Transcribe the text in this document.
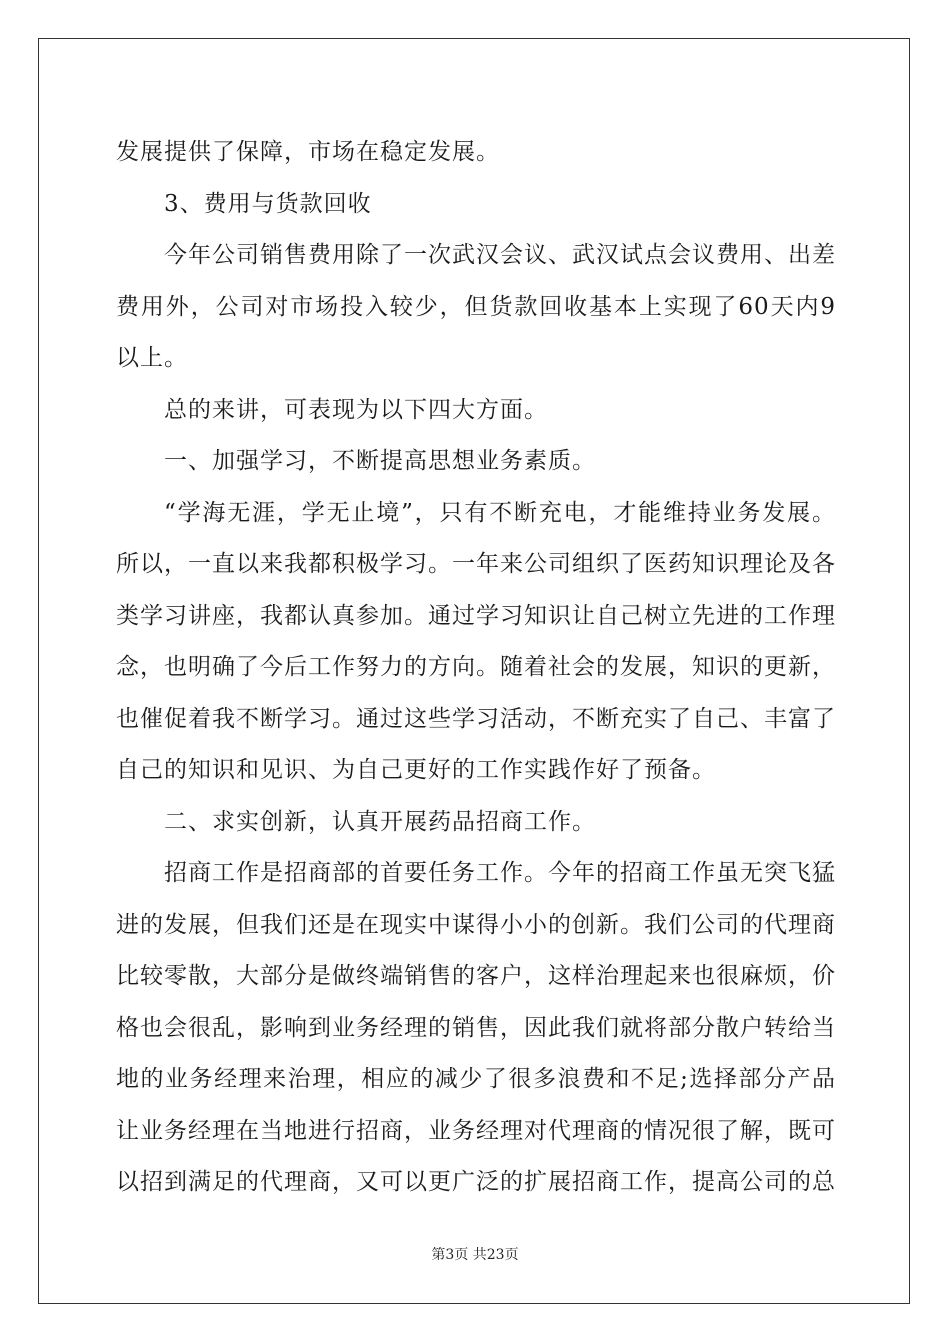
发展提供了保障，市场在稳定发展。
3、费用与货款回收
今年公司销售费用除了一次武汉会议、武汉试点会议费用、出差
费用外，公司对市场投入较少，但货款回收基本上实现了60天内9
以上。
总的来讲，可表现为以下四大方面。
一、加强学习，不断提高思想业务素质。
“学海无涯，学无止境”，只有不断充电，才能维持业务发展。
所以，一直以来我都积极学习。一年来公司组织了医药知识理论及各
类学习讲座，我都认真参加。通过学习知识让自己树立先进的工作理
念，也明确了今后工作努力的方向。随着社会的发展，知识的更新，
也催促着我不断学习。通过这些学习活动，不断充实了自己、丰富了
自己的知识和见识、为自己更好的工作实践作好了预备。
二、求实创新，认真开展药品招商工作。
招商工作是招商部的首要任务工作。今年的招商工作虽无突飞猛
进的发展，但我们还是在现实中谋得小小的创新。我们公司的代理商
比较零散，大部分是做终端销售的客户，这样治理起来也很麻烦，价
格也会很乱，影响到业务经理的销售，因此我们就将部分散户转给当
地的业务经理来治理，相应的减少了很多浪费和不足;选择部分产品
让业务经理在当地进行招商，业务经理对代理商的情况很了解，既可
以招到满足的代理商，又可以更广泛的扩展招商工作，提高公司的总
第3页 共23页
